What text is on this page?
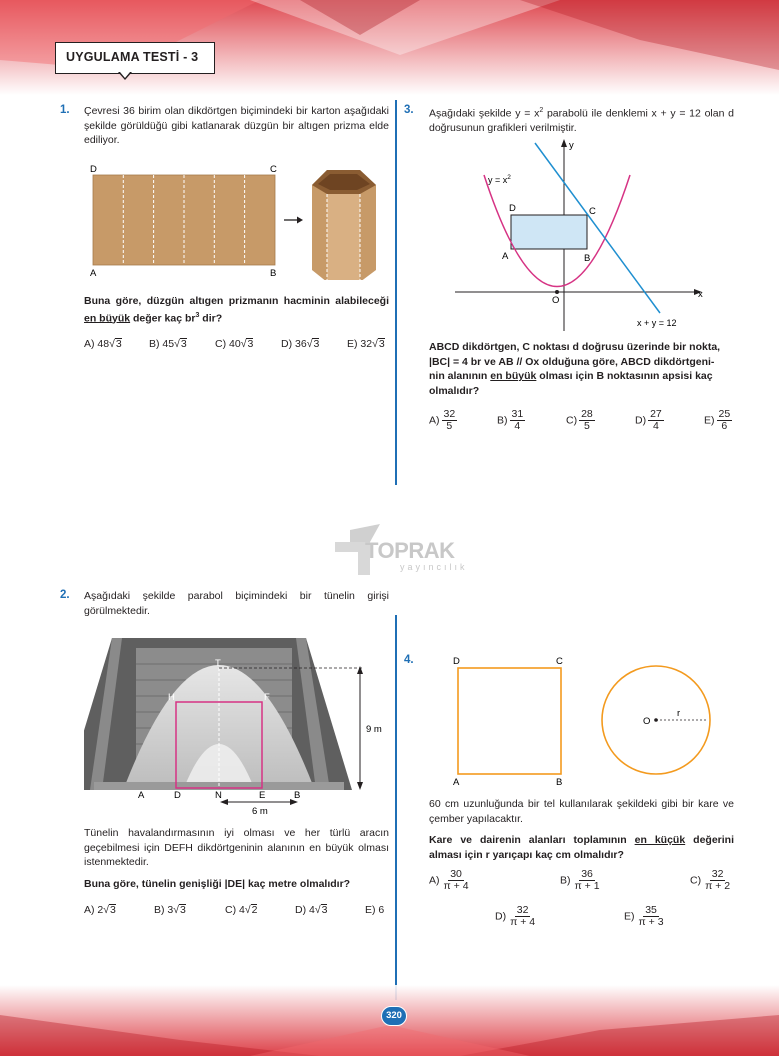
UYGULAMA TESTİ - 3
TOPRAK
yayıncılık
1. Çevresi 36 birim olan dikdörtgen biçimindeki bir karton aşağıdaki şekilde görüldüğü gibi katlanarak düzgün bir altıgen prizma elde ediliyor.
D	C
A	B
Buna göre, düzgün altıgen prizmanın hacminin alabileceği en büyük değer kaç $br^3$ dir?
A) 48√3	B) 45√3	C) 40√3	D) 36√3	E) 32√3
3. Aşağıdaki şekilde $y = x^2$ parabolü ile denklemi x + y = 12 olan d doğrusunun grafikleri verilmiştir.
y
x
$y = x^2$
x + y = 12
D	C
A	B
O
ABCD dikdörtgen, C noktası d doğrusu üzerinde bir nokta,
|BC| = 4 br ve AB // Ox olduğuna göre, ABCD dikdörtgeni-
nin alanının en büyük olması için B noktasının apsisi kaç
olmalıdır?
$A) \frac{32}{5}$	$B) \frac{31}{4}$	$C) \frac{28}{5}$	$D) \frac{27}{4}$	$E) \frac{25}{6}$
2. Aşağıdaki şekilde parabol biçimindeki bir tünelin girişi görülmektedir.
T
H	F
A	D	N	E	B
9 m
6 m
Tünelin havalandırmasının iyi olması ve her türlü aracın geçebilmesi için DEFH dikdörtgeninin alanının en büyük olması istenmektedir.
Buna göre, tünelin genişliği |DE| kaç metre olmalıdır?
A) 2√3	B) 3√3	C) 4√2	D) 4√3	E) 6
4.	D	C
A	B
O
r
60 cm uzunluğunda bir tel kullanılarak şekildeki gibi bir kare ve çember yapılacaktır.
Kare ve dairenin alanları toplamının en küçük değerini alması için r yarıçapı kaç cm olmalıdır?
$A) \frac{30}{\pi + 4}$	$B) \frac{36}{\pi + 1}$	$C) \frac{32}{\pi + 2}$
$D) \frac{32}{\pi + 4}$	$E) \frac{35}{\pi + 3}$
320
